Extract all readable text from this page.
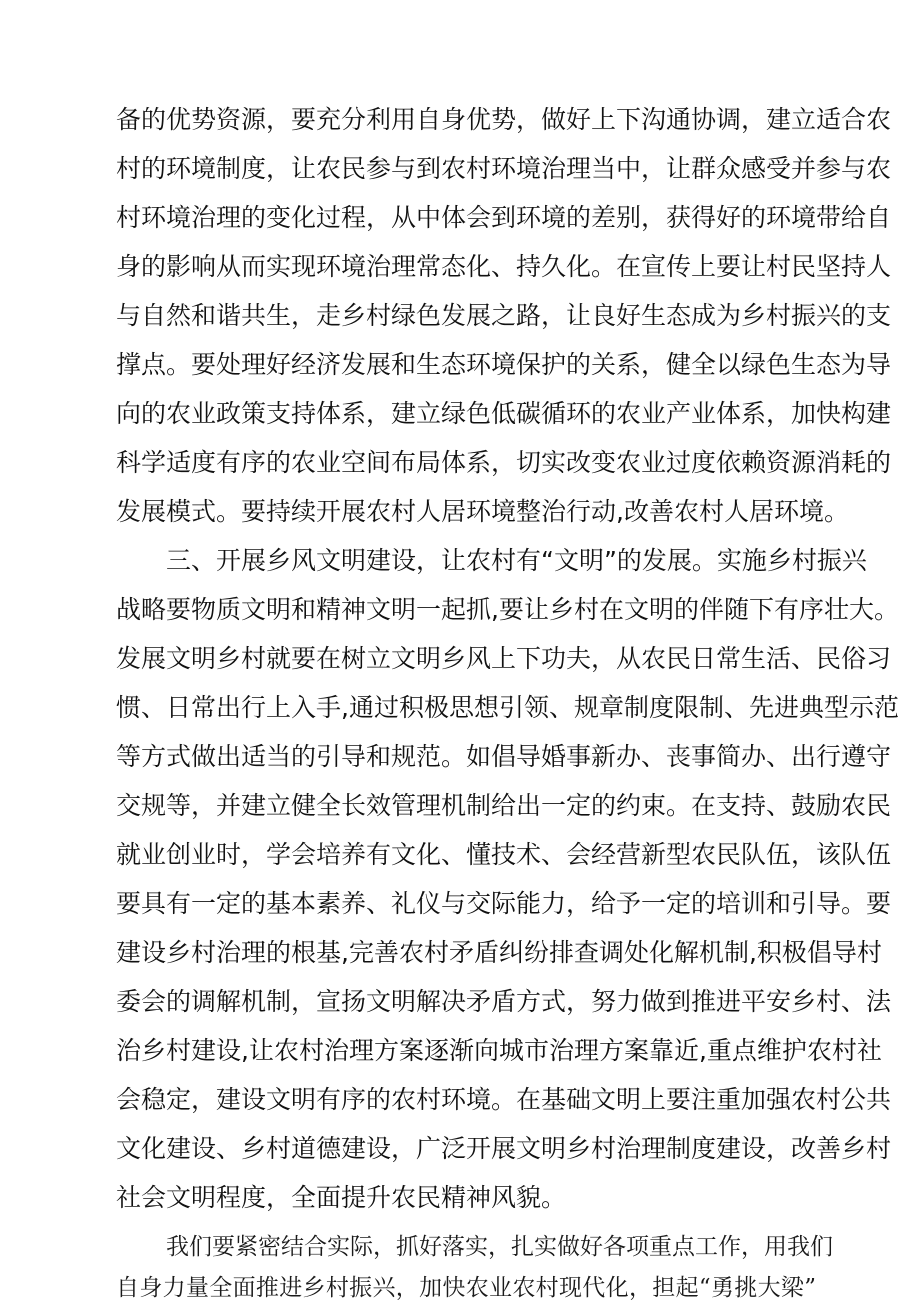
备的优势资源，要充分利用自身优势，做好上下沟通协调，建立适合农
村的环境制度，让农民参与到农村环境治理当中，让群众感受并参与农
村环境治理的变化过程，从中体会到环境的差别，获得好的环境带给自
身的影响从而实现环境治理常态化、持久化。在宣传上要让村民坚持人
与自然和谐共生，走乡村绿色发展之路，让良好生态成为乡村振兴的支
撑点。要处理好经济发展和生态环境保护的关系，健全以绿色生态为导
向的农业政策支持体系，建立绿色低碳循环的农业产业体系，加快构建
科学适度有序的农业空间布局体系，切实改变农业过度依赖资源消耗的
发展模式。要持续开展农村人居环境整治行动,改善农村人居环境。
三、开展乡风文明建设，让农村有“文明”的发展。实施乡村振兴
战略要物质文明和精神文明一起抓,要让乡村在文明的伴随下有序壮大。
发展文明乡村就要在树立文明乡风上下功夫，从农民日常生活、民俗习
惯、日常出行上入手,通过积极思想引领、规章制度限制、先进典型示范
等方式做出适当的引导和规范。如倡导婚事新办、丧事简办、出行遵守
交规等，并建立健全长效管理机制给出一定的约束。在支持、鼓励农民
就业创业时，学会培养有文化、懂技术、会经营新型农民队伍，该队伍
要具有一定的基本素养、礼仪与交际能力，给予一定的培训和引导。要
建设乡村治理的根基,完善农村矛盾纠纷排查调处化解机制,积极倡导村
委会的调解机制，宣扬文明解决矛盾方式，努力做到推进平安乡村、法
治乡村建设,让农村治理方案逐渐向城市治理方案靠近,重点维护农村社
会稳定，建设文明有序的农村环境。在基础文明上要注重加强农村公共
文化建设、乡村道德建设，广泛开展文明乡村治理制度建设，改善乡村
社会文明程度，全面提升农民精神风貌。
我们要紧密结合实际，抓好落实，扎实做好各项重点工作，用我们
自身力量全面推进乡村振兴，加快农业农村现代化，担起“勇挑大梁”
